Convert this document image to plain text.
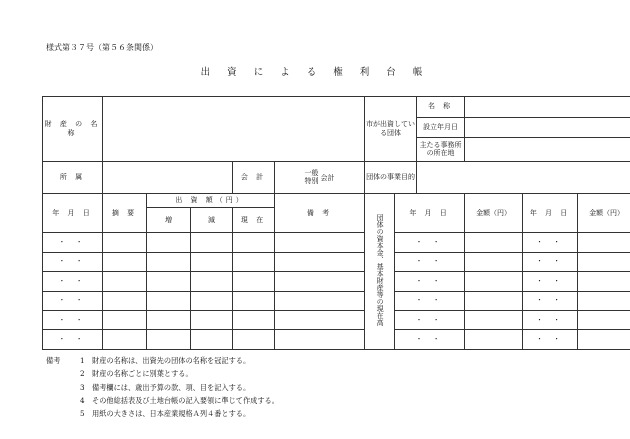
様式第３７号（第５６条関係）
出 資 に よ る 権 利 台 帳
財 産 の 名 称						市が出資している団体		名 称			
								設立年月日			
								主たる事務所の所在地			
所 属				会 計	一般
特別 会計	団体の事業目的					
年 月 日	摘 要	出 資 額（円）			備 考	団体の資本金、基本財産等の現在高	年 月 日		金額（円）	年 月 日	金額（円）
		増	減	現 在							
・ ・							・ ・			・ ・	
・ ・							・ ・			・ ・	
・ ・							・ ・			・ ・	
・ ・							・ ・			・ ・	
・ ・							・ ・			・ ・	
・ ・							・ ・			・ ・	
備考	1	財産の名称は、出資先の団体の名称を冠記する。
2	財産の名称ごとに別葉とする。
3	備考欄には、歳出予算の款、項、目を記入する。
4	その他総括表及び土地台帳の記入要領に準じて作成する。
5	用紙の大きさは、日本産業規格Ａ列４番とする。
